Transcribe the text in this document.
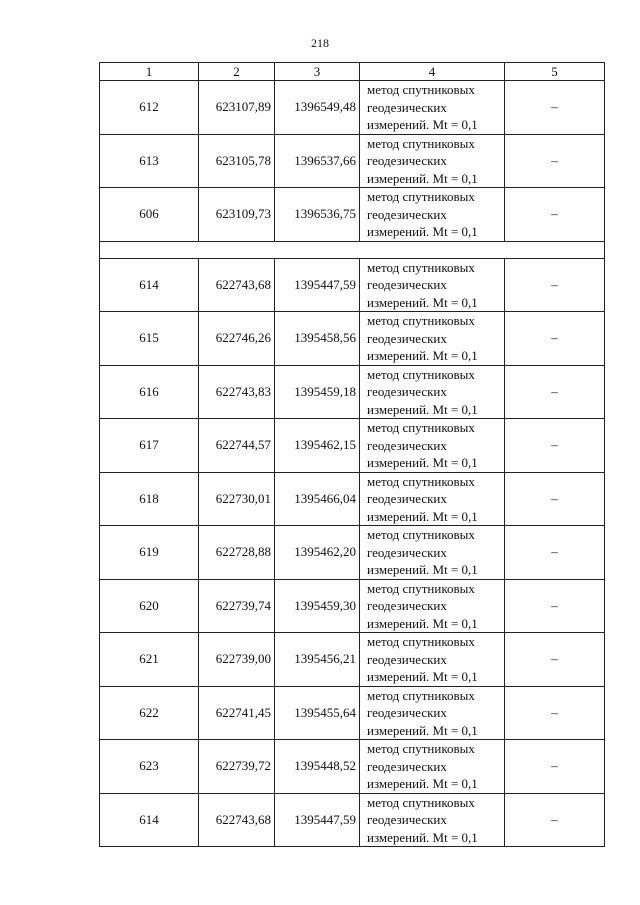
218
1	2	3	4	5
612	623107,89	1396549,48	метод спутниковых
геодезических
измерений. Mt = 0,1	–
613	623105,78	1396537,66	метод спутниковых
геодезических
измерений. Mt = 0,1	–
606	623109,73	1396536,75	метод спутниковых
геодезических
измерений. Mt = 0,1	–

614	622743,68	1395447,59	метод спутниковых
геодезических
измерений. Mt = 0,1	–
615	622746,26	1395458,56	метод спутниковых
геодезических
измерений. Mt = 0,1	–
616	622743,83	1395459,18	метод спутниковых
геодезических
измерений. Mt = 0,1	–
617	622744,57	1395462,15	метод спутниковых
геодезических
измерений. Mt = 0,1	–
618	622730,01	1395466,04	метод спутниковых
геодезических
измерений. Mt = 0,1	–
619	622728,88	1395462,20	метод спутниковых
геодезических
измерений. Mt = 0,1	–
620	622739,74	1395459,30	метод спутниковых
геодезических
измерений. Mt = 0,1	–
621	622739,00	1395456,21	метод спутниковых
геодезических
измерений. Mt = 0,1	–
622	622741,45	1395455,64	метод спутниковых
геодезических
измерений. Mt = 0,1	–
623	622739,72	1395448,52	метод спутниковых
геодезических
измерений. Mt = 0,1	–
614	622743,68	1395447,59	метод спутниковых
геодезических
измерений. Mt = 0,1	–
